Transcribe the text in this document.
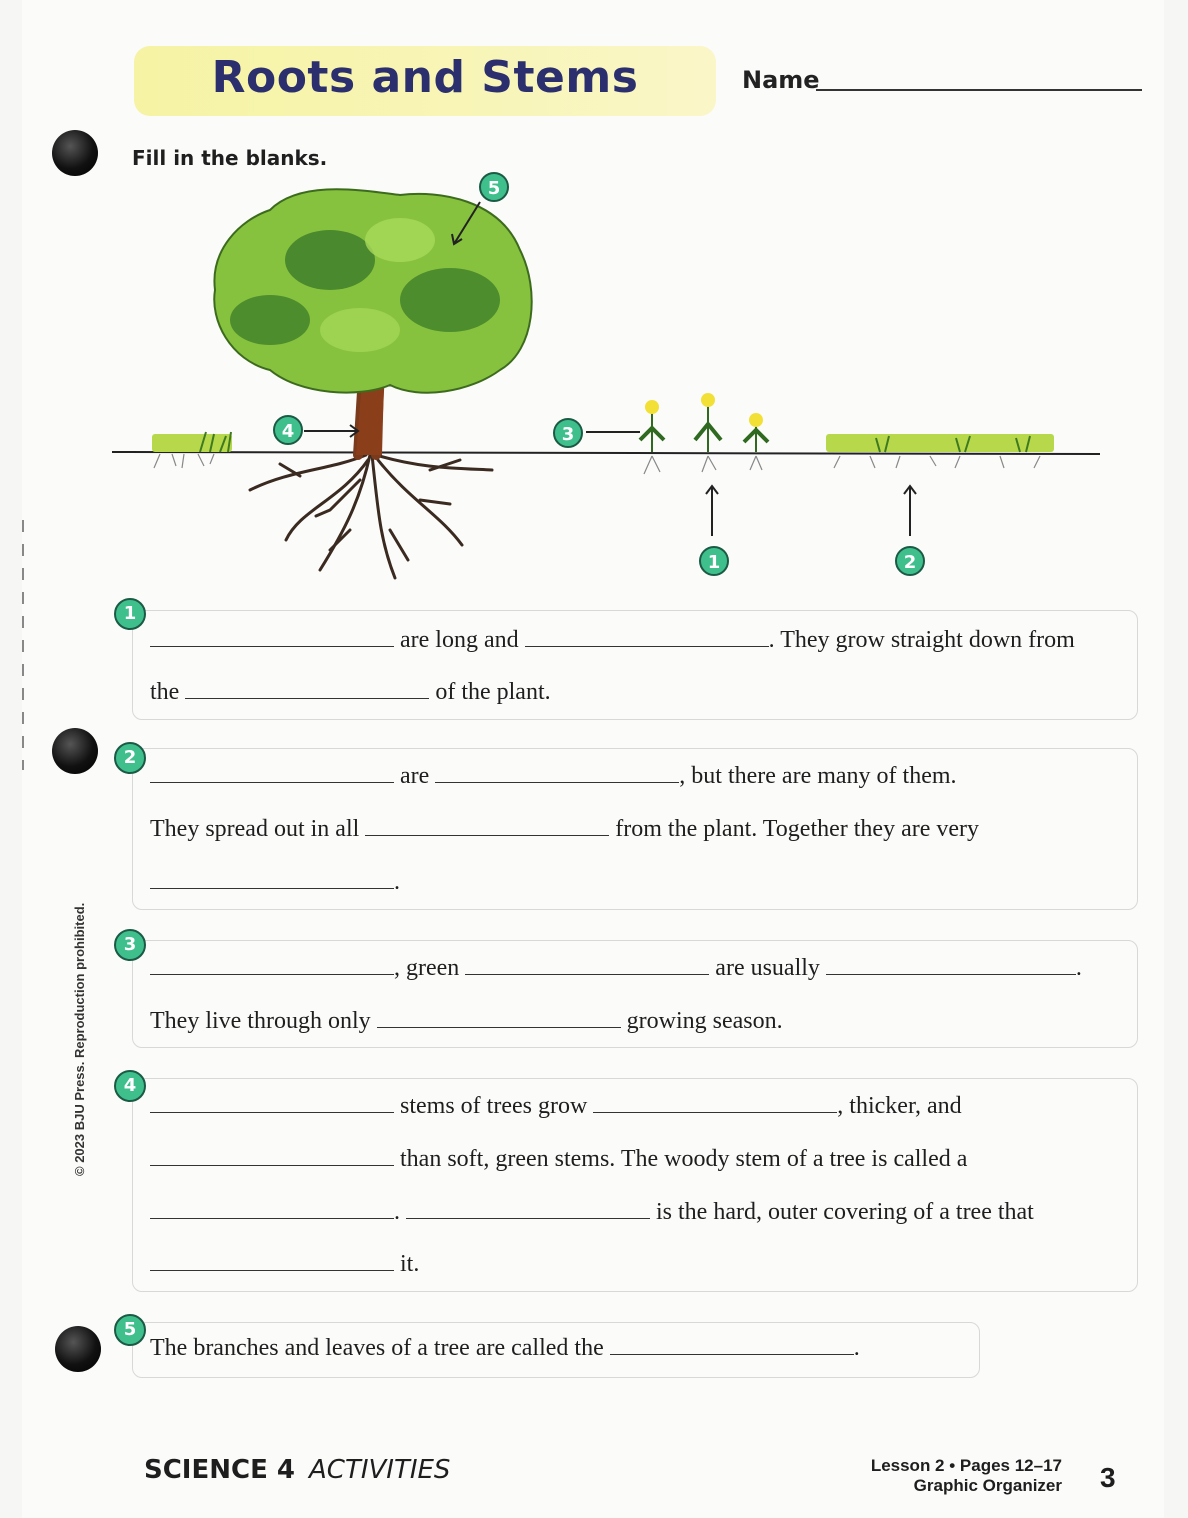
Roots and Stems	Name
Fill in the blanks.
© 2023 BJU Press. Reproduction prohibited.
1	2
3
4
5
1
are long and	. They grow straight down from
the	of the plant.
2
are	, but there are many of them.
They spread out in all	from the plant. Together they are very
.
3
, green	are usually	.
They live through only	growing season.
4
stems of trees grow	, thicker, and
than soft, green stems. The woody stem of a tree is called a
.	is the hard, outer covering of a tree that
it.
5
The branches and leaves of a tree are called the	.
SCIENCE 4 ACTIVITIES	Lesson 2 • Pages 12–17
Graphic Organizer 3
